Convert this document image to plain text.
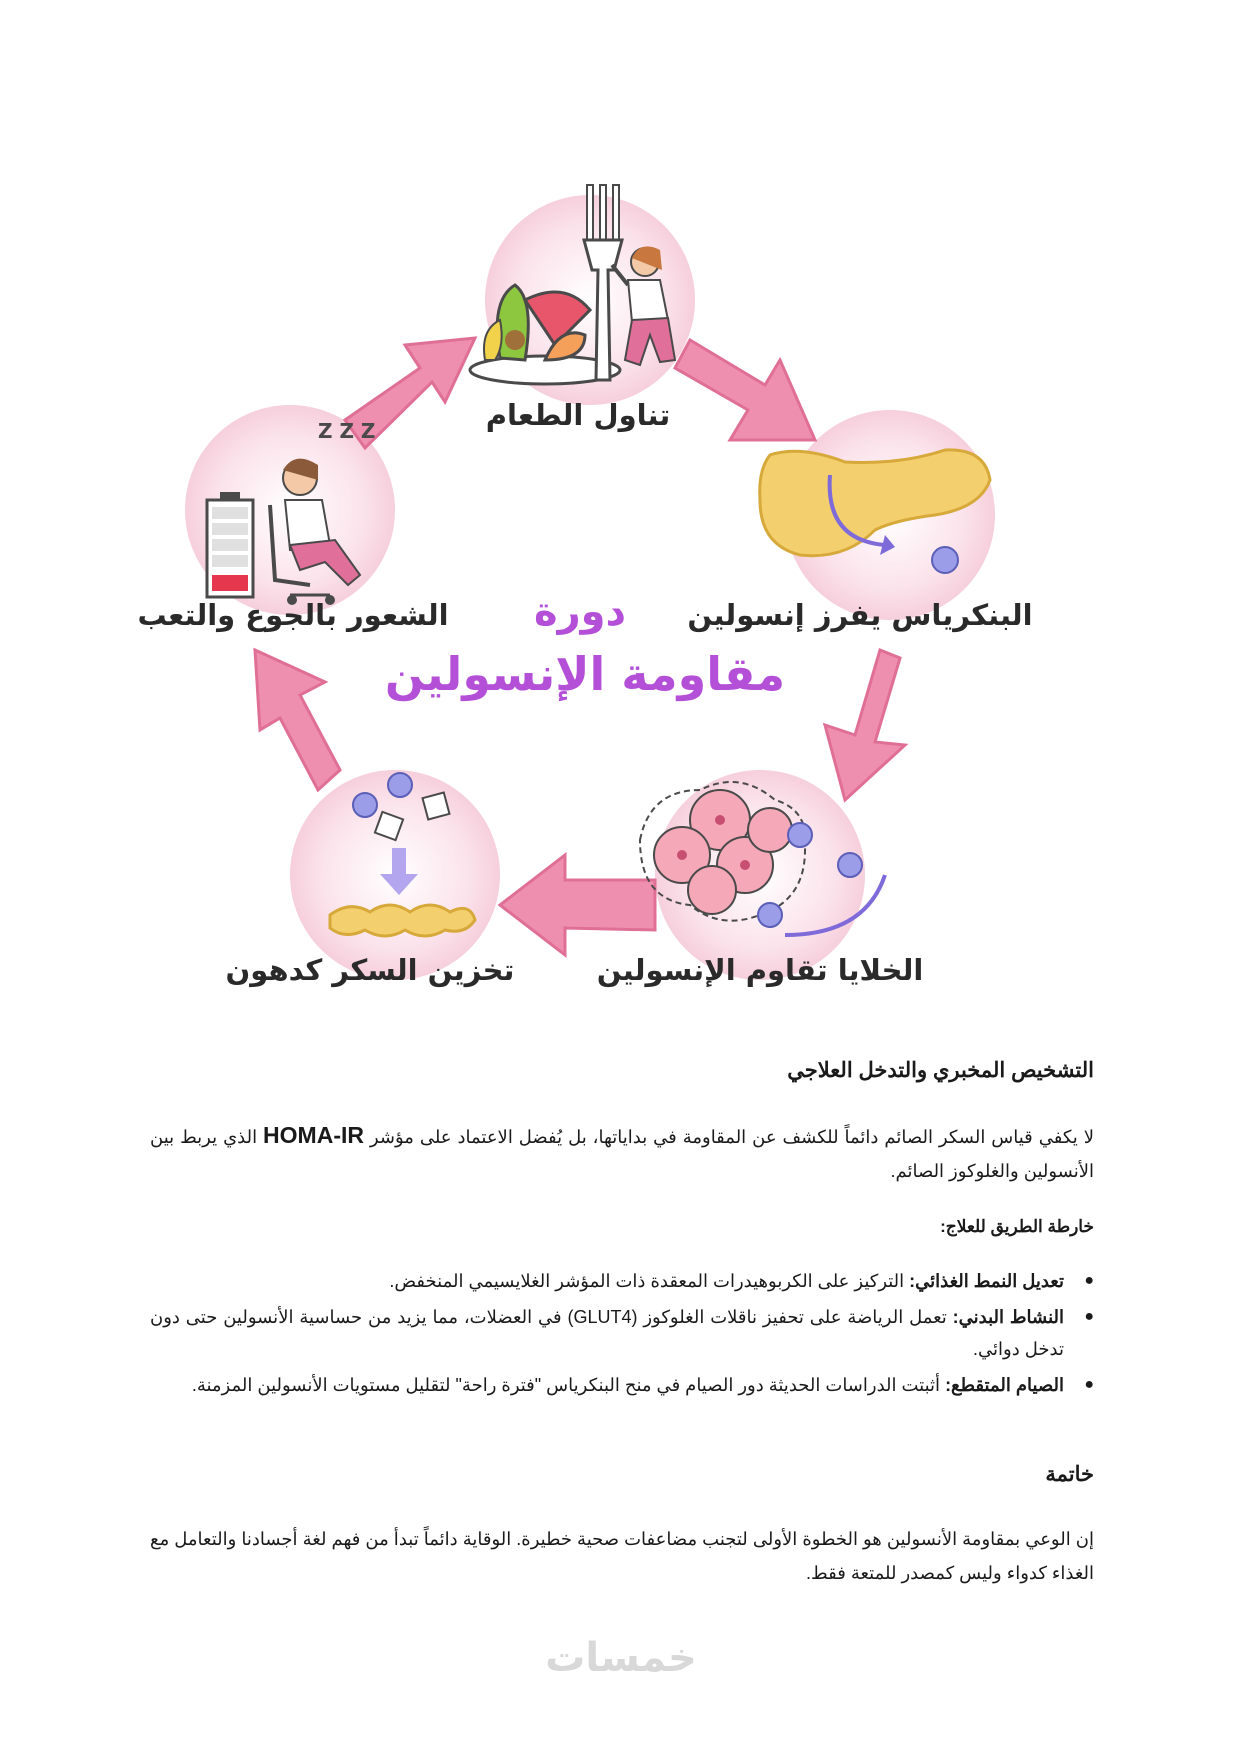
تناول الطعام
البنكرياس يفرز إنسولين
الخلايا تقاوم الإنسولين
تخزين السكر كدهون
Z Z Z
الشعور بالجوع والتعب دورة
مقاومة الإنسولين
التشخيص المخبري والتدخل العلاجي

لا يكفي قياس السكر الصائم دائماً للكشف عن المقاومة في بداياتها، بل يُفضل الاعتماد على مؤشر HOMA-IR الذي يربط بين الأنسولين والغلوكوز الصائم.

خارطة الطريق للعلاج:

●
تعديل النمط الغذائي: التركيز على الكربوهيدرات المعقدة ذات المؤشر الغلايسيمي المنخفض.
●
النشاط البدني: تعمل الرياضة على تحفيز ناقلات الغلوكوز (GLUT4) في العضلات، مما يزيد من حساسية الأنسولين حتى دون تدخل دوائي.
●
الصيام المتقطع: أثبتت الدراسات الحديثة دور الصيام في منح البنكرياس "فترة راحة" لتقليل مستويات الأنسولين المزمنة.
خاتمة

إن الوعي بمقاومة الأنسولين هو الخطوة الأولى لتجنب مضاعفات صحية خطيرة. الوقاية دائماً تبدأ من فهم لغة أجسادنا والتعامل مع الغذاء كدواء وليس كمصدر للمتعة فقط.

خمسات
